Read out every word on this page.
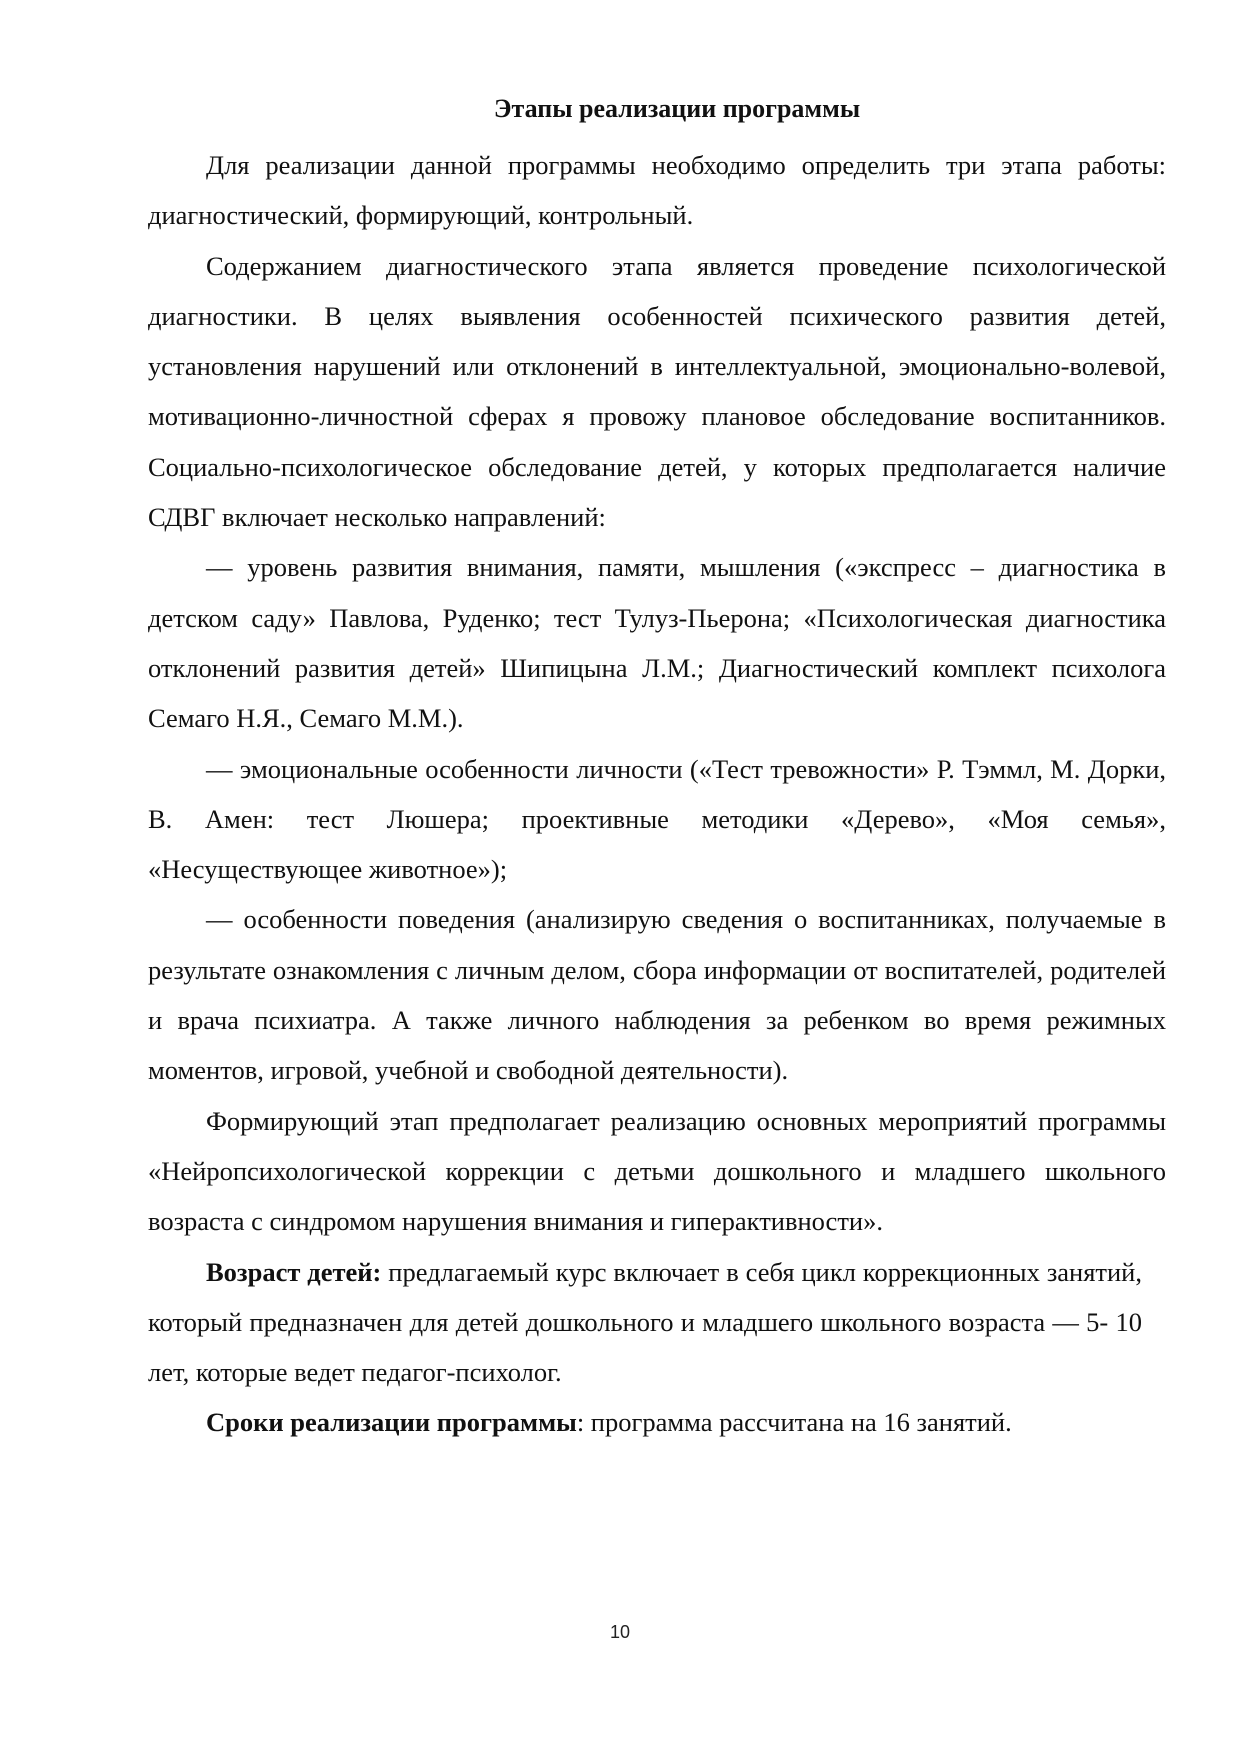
Этапы реализации программы

Для реализации данной программы необходимо определить три этапа работы: диагностический, формирующий, контрольный.

Содержанием диагностического этапа является проведение психологической диагностики. В целях выявления особенностей психического развития детей, установления нарушений или отклонений в интеллектуальной, эмоционально-волевой, мотивационно-личностной сферах я провожу плановое обследование воспитанников. Социально-психологическое обследование детей, у которых предполагается наличие СДВГ включает несколько направлений:

— уровень развития внимания, памяти, мышления («экспресс – диагностика в детском саду» Павлова, Руденко; тест Тулуз-Пьерона; «Психологическая диагностика отклонений развития детей» Шипицына Л.М.; Диагностический комплект психолога Семаго Н.Я., Семаго М.М.).

— эмоциональные особенности личности («Тест тревожности» Р. Тэммл, М. Дорки, В. Амен: тест Люшера; проективные методики «Дерево», «Моя семья», «Несуществующее животное»);

— особенности поведения (анализирую сведения о воспитанниках, получаемые в результате ознакомления с личным делом, сбора информации от воспитателей, родителей и врача психиатра. А также личного наблюдения за ребенком во время режимных моментов, игровой, учебной и свободной деятельности).

Формирующий этап предполагает реализацию основных мероприятий программы «Нейропсихологической коррекции с детьми дошкольного и младшего школьного возраста с синдромом нарушения внимания и гиперактивности».

Возраст детей: предлагаемый курс включает в себя цикл коррекционных занятий, который предназначен для детей дошкольного и младшего школьного возраста — 5- 10 лет, которые ведет педагог-психолог.

Сроки реализации программы: программа рассчитана на 16 занятий.

10
